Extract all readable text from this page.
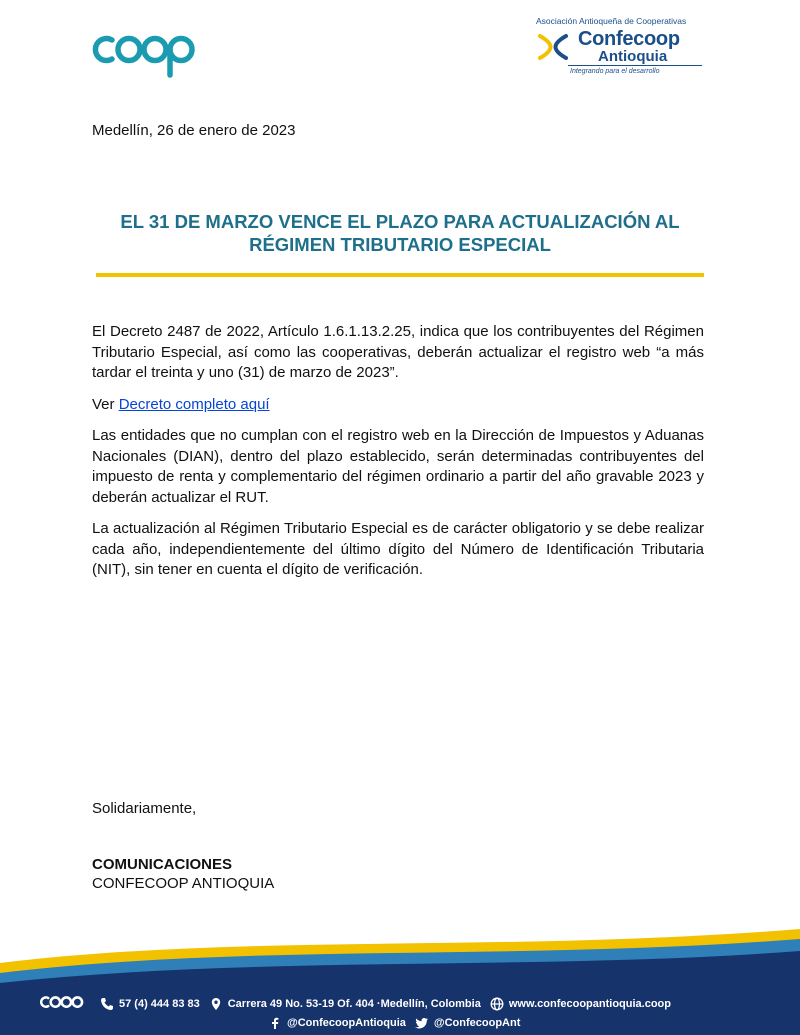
Asociación Antioqueña de Cooperativas
Confecoop
Antioquia
Integrando para el desarrollo
Medellín, 26 de enero de 2023
EL 31 DE MARZO VENCE EL PLAZO PARA ACTUALIZACIÓN AL
RÉGIMEN TRIBUTARIO ESPECIAL

El Decreto 2487 de 2022, Artículo 1.6.1.13.2.25, indica que los contribuyentes del Régimen Tributario Especial, así como las cooperativas, deberán actualizar el registro web “a más tardar el treinta y uno (31) de marzo de 2023”.

Ver Decreto completo aquí

Las entidades que no cumplan con el registro web en la Dirección de Impuestos y Aduanas Nacionales (DIAN), dentro del plazo establecido, serán determinadas contribuyentes del impuesto de renta y complementario del régimen ordinario a partir del año gravable 2023 y deberán actualizar el RUT.

La actualización al Régimen Tributario Especial es de carácter obligatorio y se debe realizar cada año, independientemente del último dígito del Número de Identificación Tributaria (NIT), sin tener en cuenta el dígito de verificación.

Solidariamente,
COMUNICACIONES
CONFECOOP ANTIOQUIA
57 (4) 444 83 83	Carrera 49 No. 53-19 Of. 404 ·Medellín, Colombia	www.confecoopantioquia.coop
@ConfecoopAntioquia	@ConfecoopAnt
